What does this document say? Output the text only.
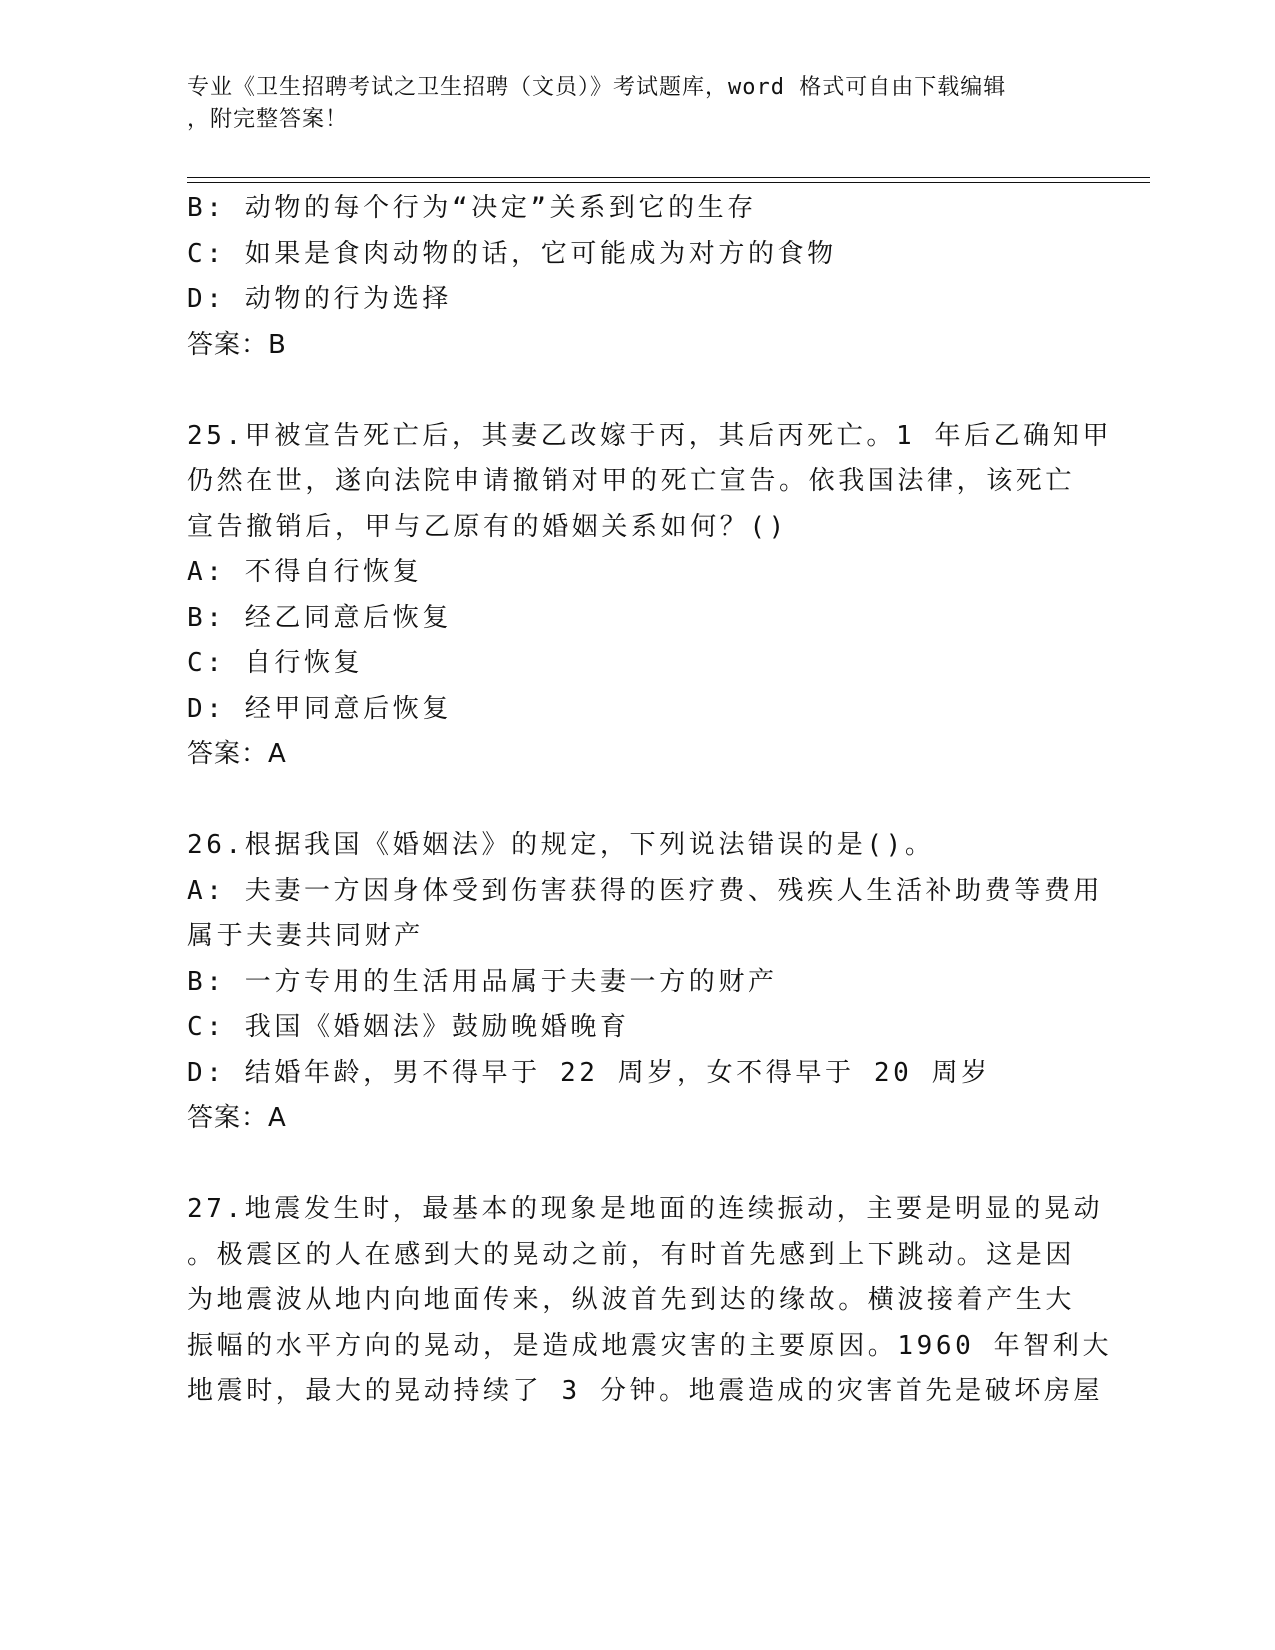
专业《卫生招聘考试之卫生招聘（文员）》考试题库，word 格式可自由下载编辑
，附完整答案！
B: 动物的每个行为“决定”关系到它的生存
C: 如果是食肉动物的话，它可能成为对方的食物
D: 动物的行为选择
答案：B
25.甲被宣告死亡后，其妻乙改嫁于丙，其后丙死亡。1 年后乙确知甲
仍然在世，遂向法院申请撤销对甲的死亡宣告。依我国法律，该死亡
宣告撤销后，甲与乙原有的婚姻关系如何？()
A: 不得自行恢复
B: 经乙同意后恢复
C: 自行恢复
D: 经甲同意后恢复
答案：A
26.根据我国《婚姻法》的规定，下列说法错误的是()。
A: 夫妻一方因身体受到伤害获得的医疗费、残疾人生活补助费等费用
属于夫妻共同财产
B: 一方专用的生活用品属于夫妻一方的财产
C: 我国《婚姻法》鼓励晚婚晚育
D: 结婚年龄，男不得早于 22 周岁，女不得早于 20 周岁
答案：A
27.地震发生时，最基本的现象是地面的连续振动，主要是明显的晃动
。极震区的人在感到大的晃动之前，有时首先感到上下跳动。这是因
为地震波从地内向地面传来，纵波首先到达的缘故。横波接着产生大
振幅的水平方向的晃动，是造成地震灾害的主要原因。1960 年智利大
地震时，最大的晃动持续了 3 分钟。地震造成的灾害首先是破坏房屋
